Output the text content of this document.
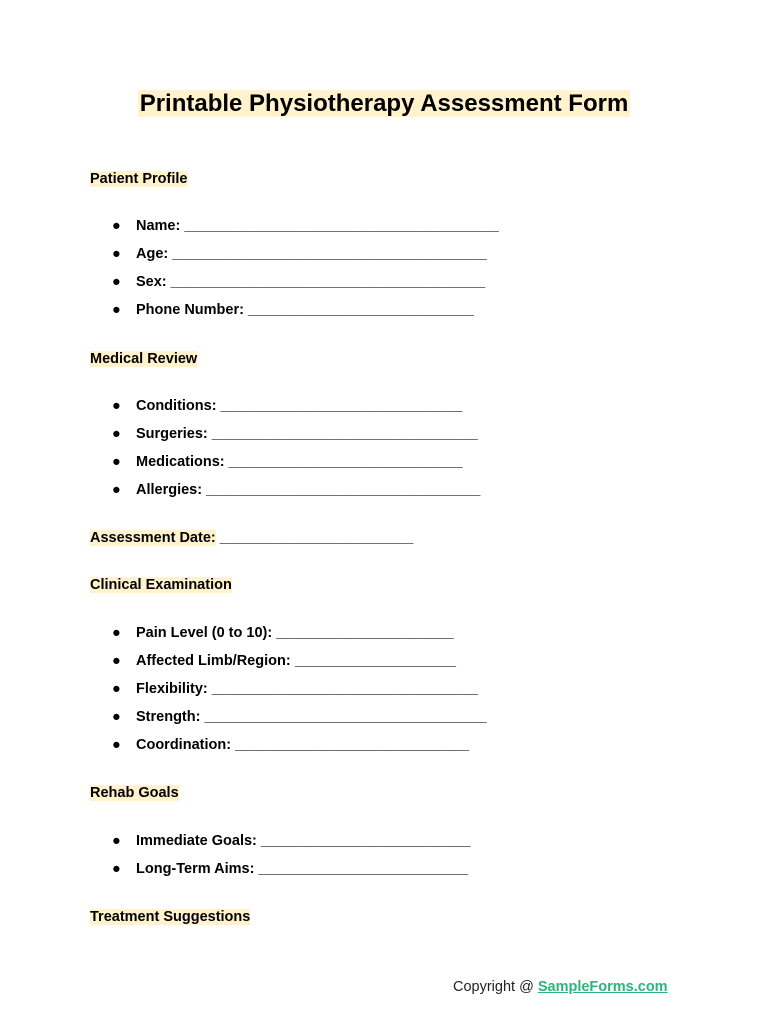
Printable Physiotherapy Assessment Form
Patient Profile
● Name: _______________________________________
● Age: _______________________________________
● Sex: _______________________________________
● Phone Number: ____________________________
Medical Review
● Conditions: ______________________________
● Surgeries: _________________________________
● Medications: _____________________________
● Allergies: __________________________________
Assessment Date: ________________________
Clinical Examination
● Pain Level (0 to 10): ______________________
● Affected Limb/Region: ____________________
● Flexibility: _________________________________
● Strength: ___________________________________
● Coordination: _____________________________
Rehab Goals
● Immediate Goals: __________________________
● Long-Term Aims: __________________________
Treatment Suggestions
Copyright @ SampleForms.com
